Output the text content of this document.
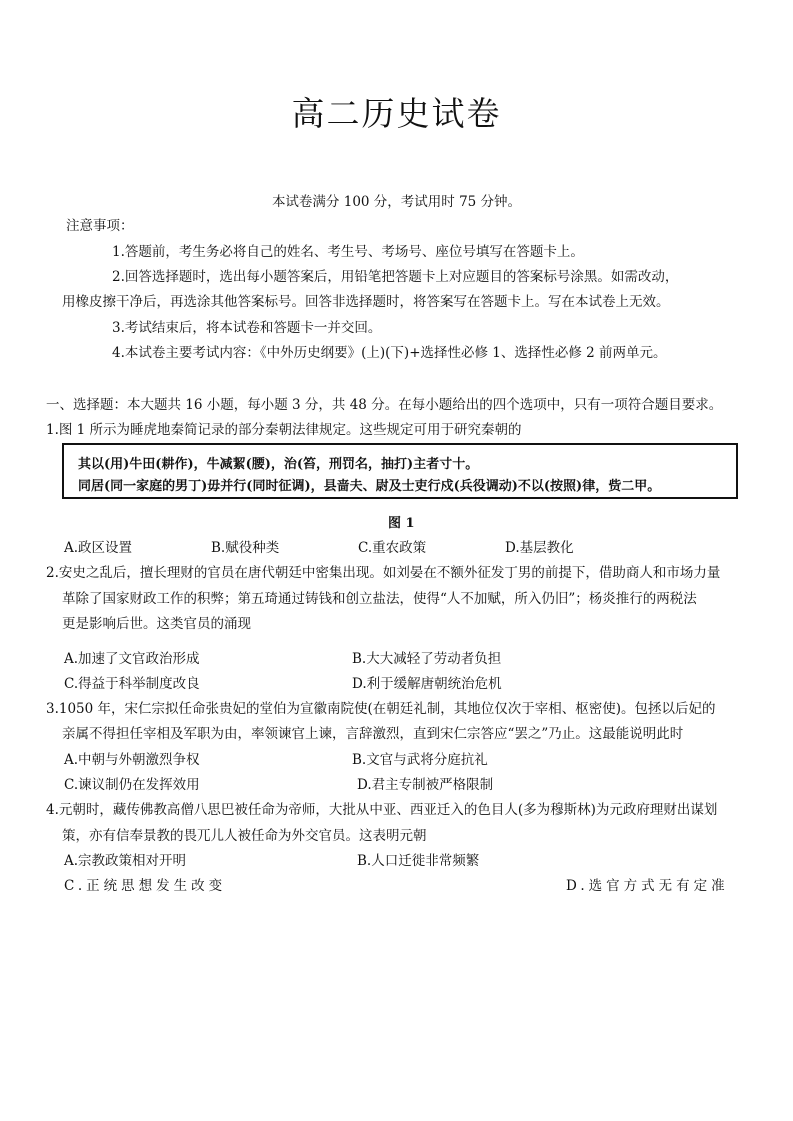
高二历史试卷
本试卷满分 100 分，考试用时 75 分钟。
注意事项：
1.答题前，考生务必将自己的姓名、考生号、考场号、座位号填写在答题卡上。
2.回答选择题时，选出每小题答案后，用铅笔把答题卡上对应题目的答案标号涂黑。如需改动，
用橡皮擦干净后，再选涂其他答案标号。回答非选择题时，将答案写在答题卡上。写在本试卷上无效。
3.考试结束后，将本试卷和答题卡一并交回。
4.本试卷主要考试内容：《中外历史纲要》(上)(下)+选择性必修 1、选择性必修 2 前两单元。
一、选择题：本大题共 16 小题，每小题 3 分，共 48 分。在每小题给出的四个选项中，只有一项符合题目要求。
1.图 1 所示为睡虎地秦简记录的部分秦朝法律规定。这些规定可用于研究秦朝的
其以(用)牛田(耕作)，牛减絜(腰)，治(笞，刑罚名，抽打)主者寸十。
同居(同一家庭的男丁)毋并行(同时征调)，县啬夫、尉及士吏行戍(兵役调动)不以(按照)律，赀二甲。
图 1
A.政区设置	B.赋役种类	C.重农政策	D.基层教化
2.安史之乱后，擅长理财的官员在唐代朝廷中密集出现。如刘晏在不额外征发丁男的前提下，借助商人和市场力量
革除了国家财政工作的积弊；第五琦通过铸钱和创立盐法，使得“人不加赋，所入仍旧”；杨炎推行的两税法
更是影响后世。这类官员的涌现
A.加速了文官政治形成	B.大大减轻了劳动者负担
C.得益于科举制度改良	D.利于缓解唐朝统治危机
3.1050 年，宋仁宗拟任命张贵妃的堂伯为宣徽南院使(在朝廷礼制，其地位仅次于宰相、枢密使)。包拯以后妃的
亲属不得担任宰相及军职为由，率领谏官上谏，言辞激烈，直到宋仁宗答应“罢之”乃止。这最能说明此时
A.中朝与外朝激烈争权	B.文官与武将分庭抗礼
C.谏议制仍在发挥效用	D.君主专制被严格限制
4.元朝时，藏传佛教高僧八思巴被任命为帝师，大批从中亚、西亚迁入的色目人(多为穆斯林)为元政府理财出谋划
策，亦有信奉景教的畏兀儿人被任命为外交官员。这表明元朝
A.宗教政策相对开明	B.人口迁徙非常频繁
C.正统思想发生改变	D.选官方式无有定准
